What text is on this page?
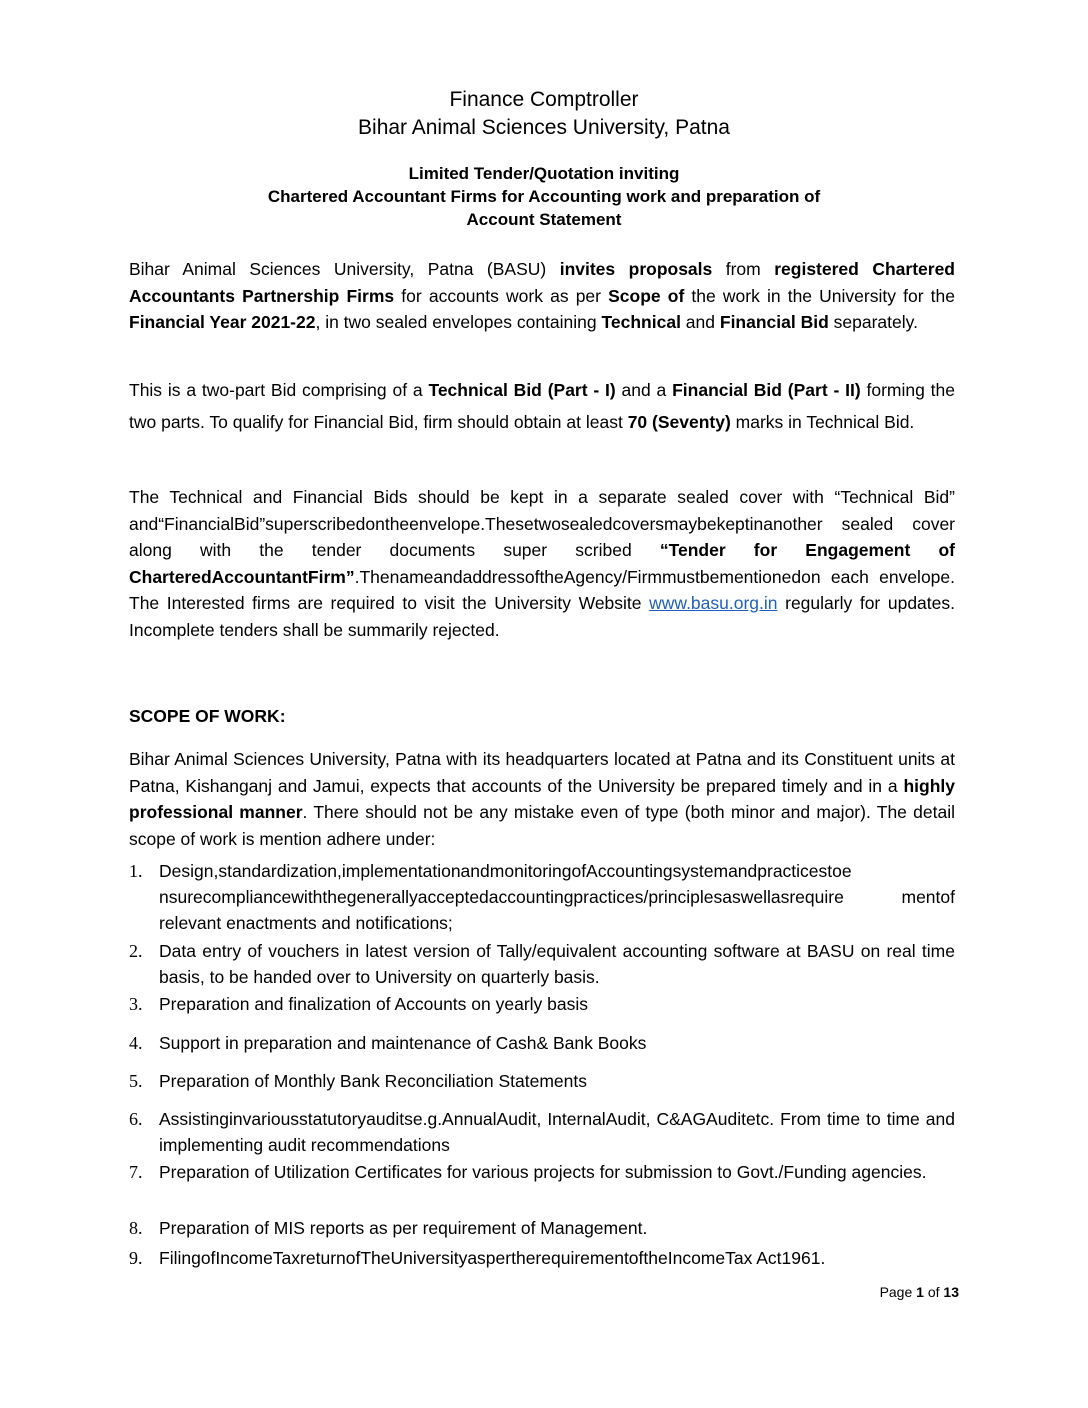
Finance Comptroller
Bihar Animal Sciences University, Patna
Limited Tender/Quotation inviting
Chartered Accountant Firms for Accounting work and preparation of
Account Statement

Bihar Animal Sciences University, Patna (BASU) invites proposals from registered Chartered Accountants Partnership Firms for accounts work as per Scope of the work in the University for the Financial Year 2021-22, in two sealed envelopes containing Technical and Financial Bid separately.

This is a two-part Bid comprising of a Technical Bid (Part - I) and a Financial Bid (Part - II) forming the two parts. To qualify for Financial Bid, firm should obtain at least 70 (Seventy) marks in Technical Bid.

The Technical and Financial Bids should be kept in a separate sealed cover with “Technical Bid” and“FinancialBid”superscribedontheenvelope.Thesetwosealedcoversmaybekeptinanother sealed cover along with the tender documents super scribed “Tender for Engagement of CharteredAccountantFirm”.ThenameandaddressoftheAgency/Firmmustbementionedon each envelope. The Interested firms are required to visit the University Website www.basu.org.in regularly for updates. Incomplete tenders shall be summarily rejected.

SCOPE OF WORK:

Bihar Animal Sciences University, Patna with its headquarters located at Patna and its Constituent units at Patna, Kishanganj and Jamui, expects that accounts of the University be prepared timely and in a highly professional manner. There should not be any mistake even of type (both minor and major). The detail scope of work is mention adhere under:

1. Design,standardization,implementationandmonitoringofAccountingsystemandpracticestoe nsurecompliancewiththegenerallyacceptedaccountingpractices/principlesaswellasrequire mentof relevant enactments and notifications;
2. Data entry of vouchers in latest version of Tally/equivalent accounting software at BASU on real time basis, to be handed over to University on quarterly basis.
3. Preparation and finalization of Accounts on yearly basis
4. Support in preparation and maintenance of Cash& Bank Books
5. Preparation of Monthly Bank Reconciliation Statements
6. Assistinginvariousstatutoryauditse.g.AnnualAudit, InternalAudit, C&AGAuditetc. From time to time and implementing audit recommendations
7. Preparation of Utilization Certificates for various projects for submission to Govt./Funding agencies.
8. Preparation of MIS reports as per requirement of Management.
9. FilingofIncomeTaxreturnofTheUniversityaspertherequirementoftheIncomeTax Act1961.
Page 1 of 13
